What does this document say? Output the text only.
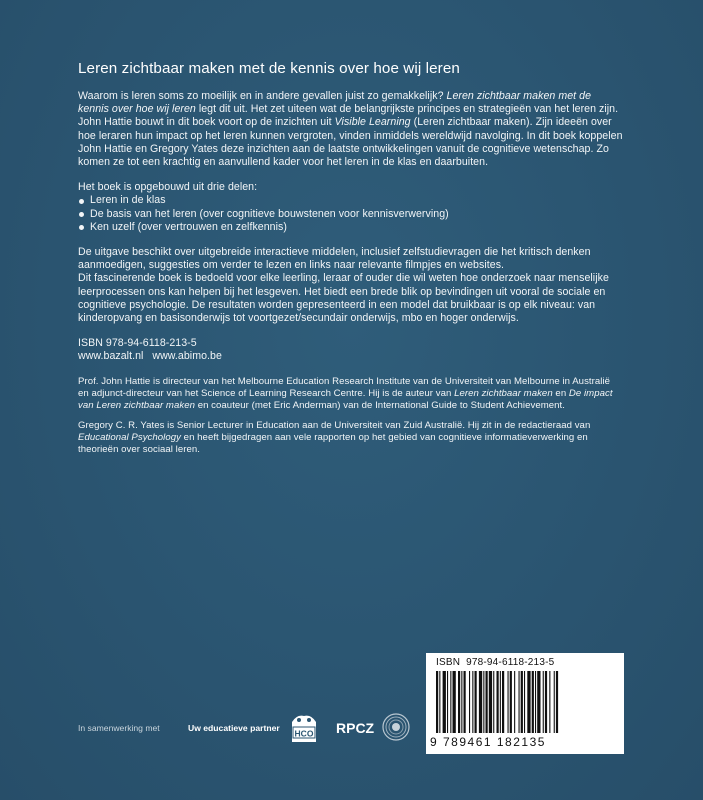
Leren zichtbaar maken met de kennis over hoe wij leren

Waarom is leren soms zo moeilijk en in andere gevallen juist zo gemakkelijk? Leren zichtbaar maken met de kennis over hoe wij leren legt dit uit. Het zet uiteen wat de belangrijkste principes en strategieën van het leren zijn.

John Hattie bouwt in dit boek voort op de inzichten uit Visible Learning (Leren zichtbaar maken). Zijn ideeën over hoe leraren hun impact op het leren kunnen vergroten, vinden inmiddels wereldwijd navolging. In dit boek koppelen John Hattie en Gregory Yates deze inzichten aan de laatste ontwikkelingen vanuit de cognitieve wetenschap. Zo komen ze tot een krachtig en aanvullend kader voor het leren in de klas en daarbuiten.

Het boek is opgebouwd uit drie delen:

Leren in de klas
De basis van het leren (over cognitieve bouwstenen voor kennisverwerving)
Ken uzelf (over vertrouwen en zelfkennis)

De uitgave beschikt over uitgebreide interactieve middelen, inclusief zelfstudievragen die het kritisch denken aanmoedigen, suggesties om verder te lezen en links naar relevante filmpjes en websites.

Dit fascinerende boek is bedoeld voor elke leerling, leraar of ouder die wil weten hoe onderzoek naar menselijke leerprocessen ons kan helpen bij het lesgeven. Het biedt een brede blik op bevindingen uit vooral de sociale en cognitieve psychologie. De resultaten worden gepresenteerd in een model dat bruikbaar is op elk niveau: van kinderopvang en basisonderwijs tot voortgezet/secundair onderwijs, mbo en hoger onderwijs.

ISBN 978-94-6118-213-5

www.bazalt.nl   www.abimo.be

Prof. John Hattie is directeur van het Melbourne Education Research Institute van de Universiteit van Melbourne in Australië en adjunct-directeur van het Science of Learning Research Centre. Hij is de auteur van Leren zichtbaar maken en De impact van Leren zichtbaar maken en coauteur (met Eric Anderman) van de International Guide to Student Achievement.

Gregory C. R. Yates is Senior Lecturer in Education aan de Universiteit van Zuid Australië. Hij zit in de redactieraad van Educational Psychology en heeft bijgedragen aan vele rapporten op het gebied van cognitieve informatieverwerking en theorieën over sociaal leren.

ISBN  978-94-6118-213-5
9 789461 182135
In samenwerking met	Uw educatieve partner
HCO RPCZ
